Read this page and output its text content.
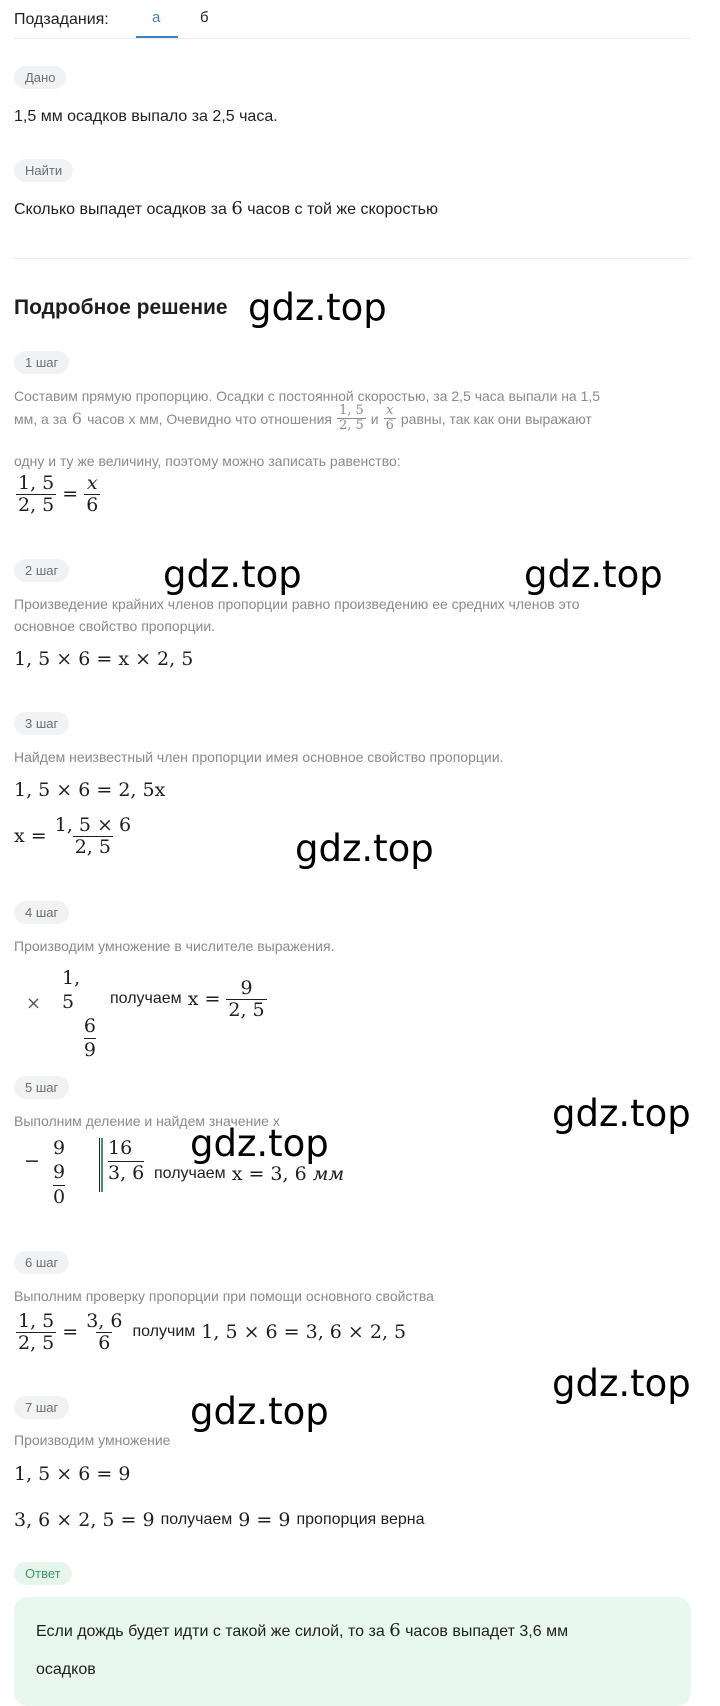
Подзадания:	а	б
Дано
1,5 мм осадков выпало за 2,5 часа.
Найти
Сколько выпадет осадков за 6 часов с той же скоростью
Подробное решение
1 шаг
Составим прямую пропорцию. Осадки с постоянной скоростью, за 2,5 часа выпали на 1,5
мм, а за 6 часов х мм, Очевидно что отношения $\frac{1, 5}{2, 5}$ и $\frac{x}{6}$ равны, так как они выражают
одну и ту же величину, поэтому можно записать равенство:
$\frac{1, 5}{2, 5} = \frac{x}{6}$
2 шаг
Произведение крайних членов пропорции равно произведению ее средних членов это
основное свойство пропорции.
1, 5 × 6 = x × 2, 5
3 шаг
Найдем неизвестный член пропорции имея основное свойство пропорции.
1, 5 × 6 = 2, 5x
$x = \frac{1, 5 \times 6}{2, 5}$
4 шаг
Производим умножение в числителе выражения.
×
1, 5
6
9
получаем $x = \frac{9}{2, 5}$
5 шаг
Выполним деление и найдем значение х
−
9
9
0
16
3, 6 получаем x = 3, 6 мм
6 шаг
Выполним проверку пропорции при помощи основного свойства
$\frac{1, 5}{2, 5} = \frac{3, 6}{6}$ получим 1, 5 × 6 = 3, 6 × 2, 5
7 шаг
Производим умножение
1, 5 × 6 = 9
3, 6 × 2, 5 = 9 получаем 9 = 9 пропорция верна
Ответ
Если дождь будет идти с такой же силой, то за 6 часов выпадет 3,6 мм
осадков
gdz.top
gdz.top	gdz.top
gdz.top
gdz.top
gdz.top
gdz.top
gdz.top
